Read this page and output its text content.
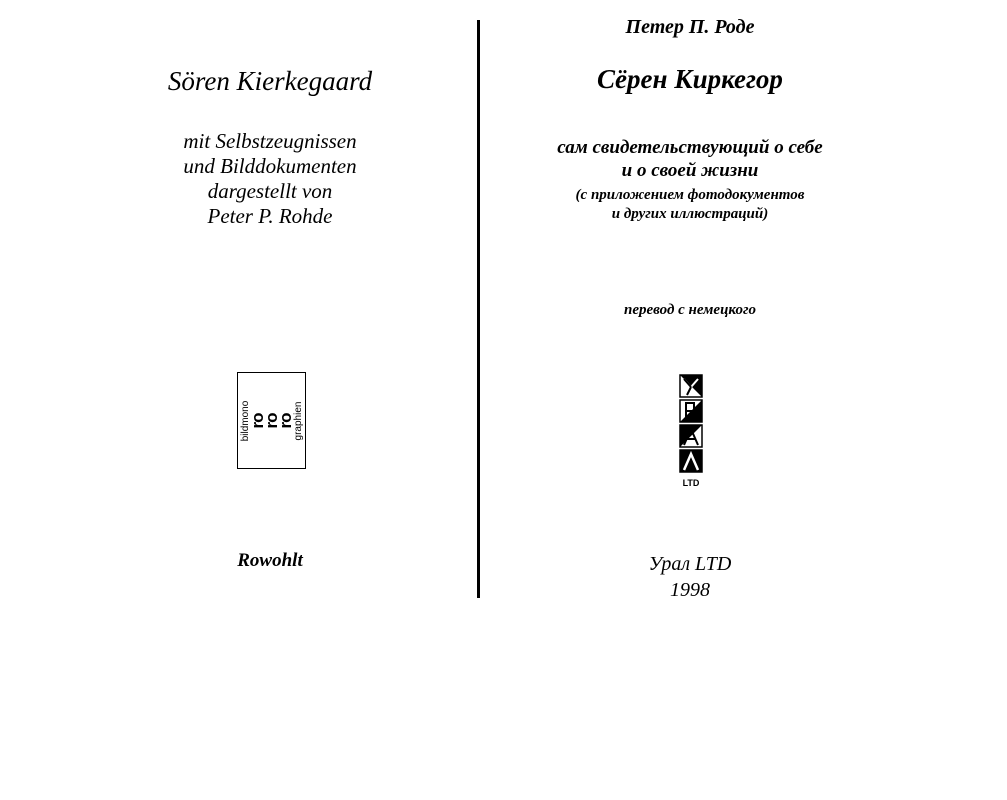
Sören Kierkegaard
mit Selbstzeugnissen
und Bilddokumenten
dargestellt von
Peter P. Rohde
bildmono
ro
ro
ro
graphien
Rowohlt
Петер П. Роде
Сёрен Киркегор
сам свидетельствующий о себе
и о своей жизни
(с приложением фотодокументов
и других иллюстраций)
перевод с немецкого
LTD
Урал LTD
1998
